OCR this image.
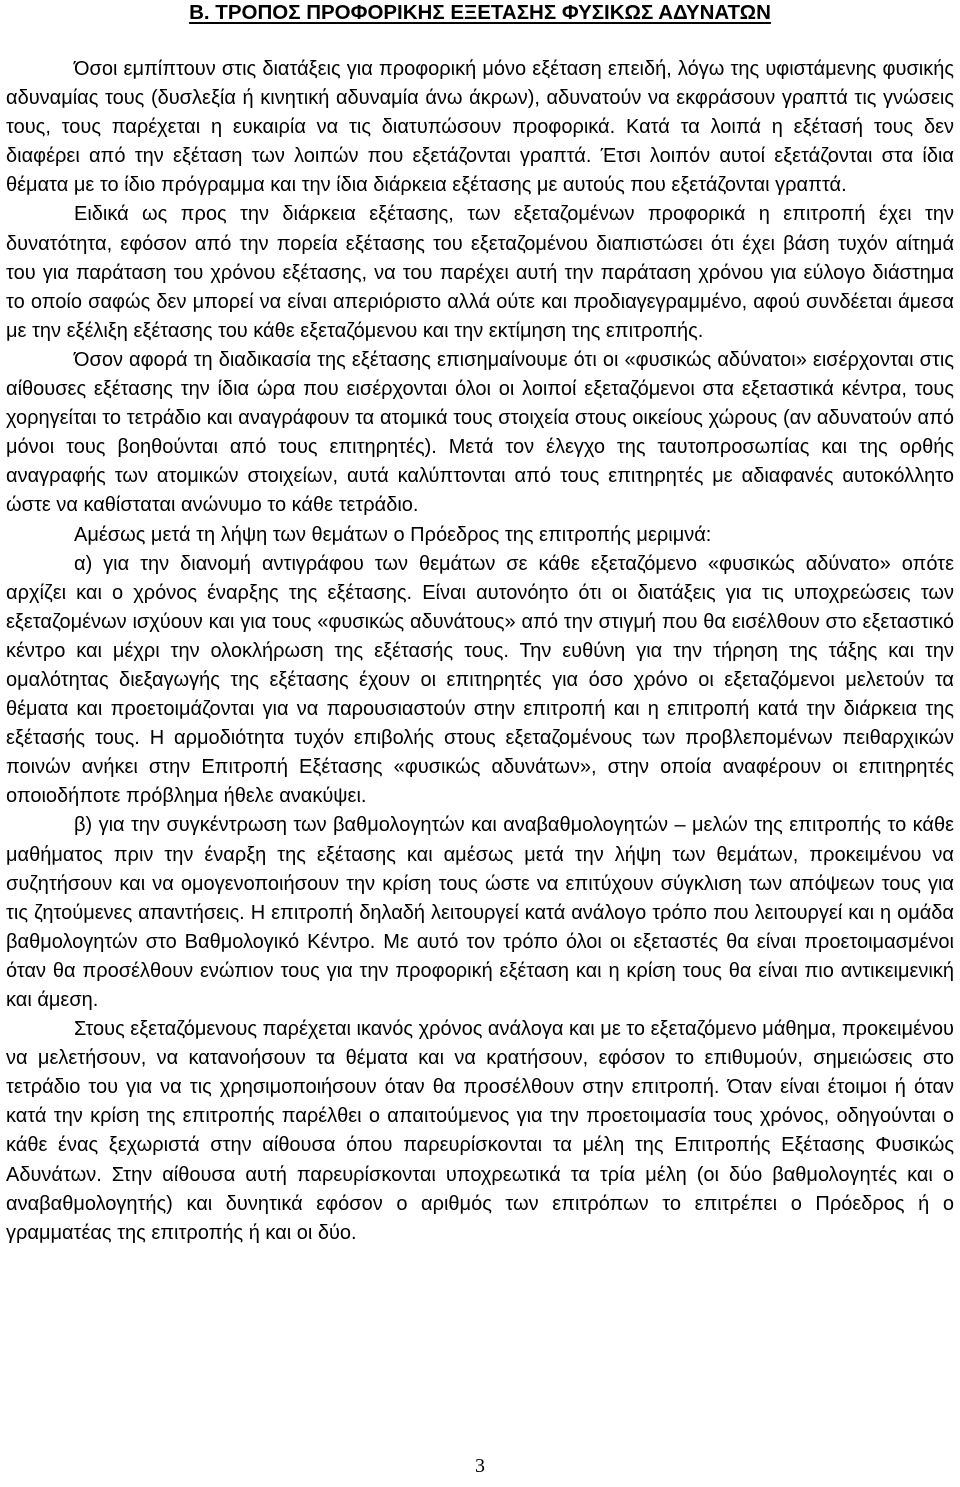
Β. ΤΡΟΠΟΣ ΠΡΟΦΟΡΙΚΗΣ ΕΞΕΤΑΣΗΣ ΦΥΣΙΚΩΣ ΑΔΥΝΑΤΩΝ

Όσοι εμπίπτουν στις διατάξεις για προφορική μόνο εξέταση επειδή, λόγω της υφιστάμενης φυσικής αδυναμίας τους (δυσλεξία ή κινητική αδυναμία άνω άκρων), αδυνατούν να εκφράσουν γραπτά τις γνώσεις τους, τους παρέχεται η ευκαιρία να τις διατυπώσουν προφορικά. Κατά τα λοιπά η εξέτασή τους δεν διαφέρει από την εξέταση των λοιπών που εξετάζονται γραπτά. Έτσι λοιπόν αυτοί εξετάζονται στα ίδια θέματα με το ίδιο πρόγραμμα και την ίδια διάρκεια εξέτασης με αυτούς που εξετάζονται γραπτά.

Ειδικά ως προς την διάρκεια εξέτασης, των εξεταζομένων προφορικά η επιτροπή έχει την δυνατότητα, εφόσον από την πορεία εξέτασης του εξεταζομένου διαπιστώσει ότι έχει βάση τυχόν αίτημά του για παράταση του χρόνου εξέτασης, να του παρέχει αυτή την παράταση χρόνου για εύλογο διάστημα το οποίο σαφώς δεν μπορεί να είναι απεριόριστο αλλά ούτε και προδιαγεγραμμένο, αφού συνδέεται άμεσα με την εξέλιξη εξέτασης του κάθε εξεταζόμενου και την εκτίμηση της επιτροπής.

Όσον αφορά τη διαδικασία της εξέτασης επισημαίνουμε ότι οι «φυσικώς αδύνατοι» εισέρχονται στις αίθουσες εξέτασης την ίδια ώρα που εισέρχονται όλοι οι λοιποί εξεταζόμενοι στα εξεταστικά κέντρα, τους χορηγείται το τετράδιο και αναγράφουν τα ατομικά τους στοιχεία στους οικείους χώρους (αν αδυνατούν από μόνοι τους βοηθούνται από τους επιτηρητές). Μετά τον έλεγχο της ταυτοπροσωπίας και της ορθής αναγραφής των ατομικών στοιχείων, αυτά καλύπτονται από τους επιτηρητές με αδιαφανές αυτοκόλλητο ώστε να καθίσταται ανώνυμο το κάθε τετράδιο.

Αμέσως μετά τη λήψη των θεμάτων ο Πρόεδρος της επιτροπής μεριμνά:

α) για την διανομή αντιγράφου των θεμάτων σε κάθε εξεταζόμενο «φυσικώς αδύνατο» οπότε αρχίζει και ο χρόνος έναρξης της εξέτασης. Είναι αυτονόητο ότι οι διατάξεις για τις υποχρεώσεις των εξεταζομένων ισχύουν και για τους «φυσικώς αδυνάτους» από την στιγμή που θα εισέλθουν στο εξεταστικό κέντρο και μέχρι την ολοκλήρωση της εξέτασής τους. Την ευθύνη για την τήρηση της τάξης και την ομαλότητας διεξαγωγής της εξέτασης έχουν οι επιτηρητές για όσο χρόνο οι εξεταζόμενοι μελετούν τα θέματα και προετοιμάζονται για να παρουσιαστούν στην επιτροπή και η επιτροπή κατά την διάρκεια της εξέτασής τους. Η αρμοδιότητα τυχόν επιβολής στους εξεταζομένους των προβλεπομένων πειθαρχικών ποινών ανήκει στην Επιτροπή Εξέτασης «φυσικώς αδυνάτων», στην οποία αναφέρουν οι επιτηρητές οποιοδήποτε πρόβλημα ήθελε ανακύψει.

β) για την συγκέντρωση των βαθμολογητών και αναβαθμολογητών – μελών της επιτροπής το κάθε μαθήματος πριν την έναρξη της εξέτασης και αμέσως μετά την λήψη των θεμάτων, προκειμένου να συζητήσουν και να ομογενοποιήσουν την κρίση τους ώστε να επιτύχουν σύγκλιση των απόψεων τους για τις ζητούμενες απαντήσεις. Η επιτροπή δηλαδή λειτουργεί κατά ανάλογο τρόπο που λειτουργεί και η ομάδα βαθμολογητών στο Βαθμολογικό Κέντρο. Με αυτό τον τρόπο όλοι οι εξεταστές θα είναι προετοιμασμένοι όταν θα προσέλθουν ενώπιον τους για την προφορική εξέταση και η κρίση τους θα είναι πιο αντικειμενική και άμεση.

Στους εξεταζόμενους παρέχεται ικανός χρόνος ανάλογα και με το εξεταζόμενο μάθημα, προκειμένου να μελετήσουν, να κατανοήσουν τα θέματα και να κρατήσουν, εφόσον το επιθυμούν, σημειώσεις στο τετράδιο του για να τις χρησιμοποιήσουν όταν θα προσέλθουν στην επιτροπή. Όταν είναι έτοιμοι ή όταν κατά την κρίση της επιτροπής παρέλθει ο απαιτούμενος για την προετοιμασία τους χρόνος, οδηγούνται ο κάθε ένας ξεχωριστά στην αίθουσα όπου παρευρίσκονται τα μέλη της Επιτροπής Εξέτασης Φυσικώς Αδυνάτων. Στην αίθουσα αυτή παρευρίσκονται υποχρεωτικά τα τρία μέλη (οι δύο βαθμολογητές και ο αναβαθμολογητής) και δυνητικά εφόσον ο αριθμός των επιτρόπων το επιτρέπει ο Πρόεδρος ή ο γραμματέας της επιτροπής ή και οι δύο.

3
